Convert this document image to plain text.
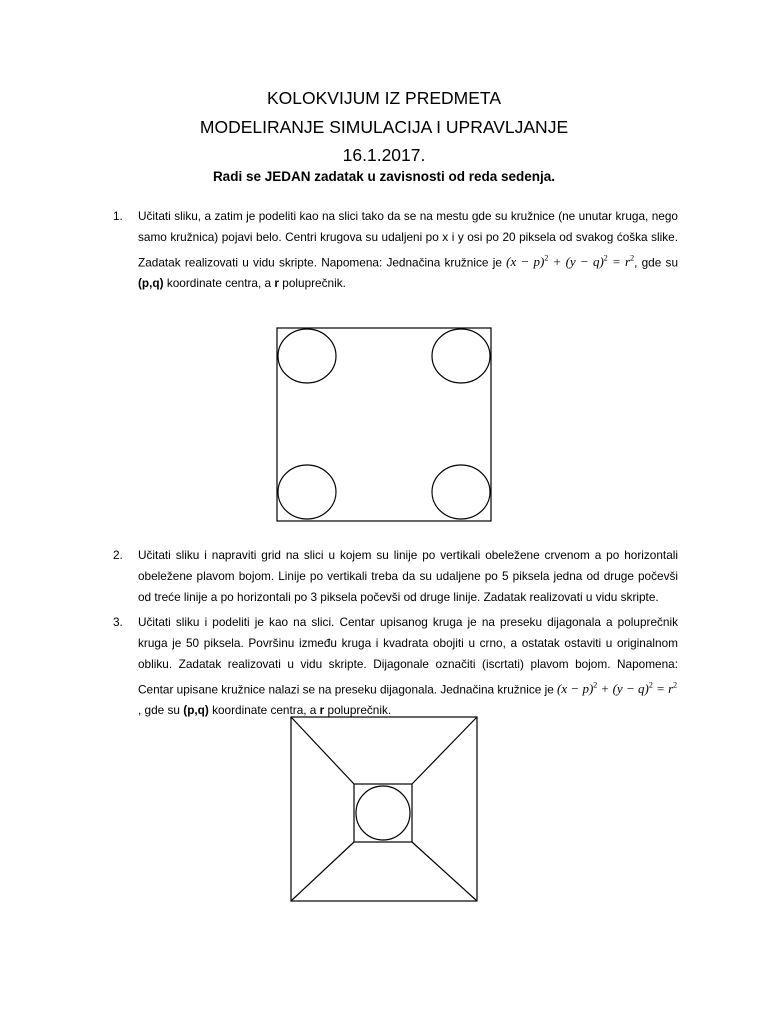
KOLOKVIJUM IZ PREDMETA
MODELIRANJE SIMULACIJA I UPRAVLJANJE
16.1.2017.
Radi se JEDAN zadatak u zavisnosti od reda sedenja.
1. Učitati sliku, a zatim je podeliti kao na slici tako da se na mestu gde su kružnice (ne unutar kruga, nego samo kružnica) pojavi belo. Centri krugova su udaljeni po x i y osi po 20 piksela od svakog ćoška slike. Zadatak realizovati u vidu skripte. Napomena: Jednačina kružnice je $(x - p)^2 + (y - q)^2 = r^2$, gde su (p,q) koordinate centra, a r poluprečnik.
2. Učitati sliku i napraviti grid na slici u kojem su linije po vertikali obeležene crvenom a po horizontali obeležene plavom bojom. Linije po vertikali treba da su udaljene po 5 piksela jedna od druge počevši od treće linije a po horizontali po 3 piksela počevši od druge linije. Zadatak realizovati u vidu skripte.
3. Učitati sliku i podeliti je kao na slici. Centar upisanog kruga je na preseku dijagonala a poluprečnik kruga je 50 piksela. Površinu između kruga i kvadrata obojiti u crno, a ostatak ostaviti u originalnom obliku. Zadatak realizovati u vidu skripte. Dijagonale označiti (iscrtati) plavom bojom. Napomena: Centar upisane kružnice nalazi se na preseku dijagonala. Jednačina kružnice je $(x - p)^2 + (y - q)^2 = r^2$
, gde su (p,q) koordinate centra, a r poluprečnik.
